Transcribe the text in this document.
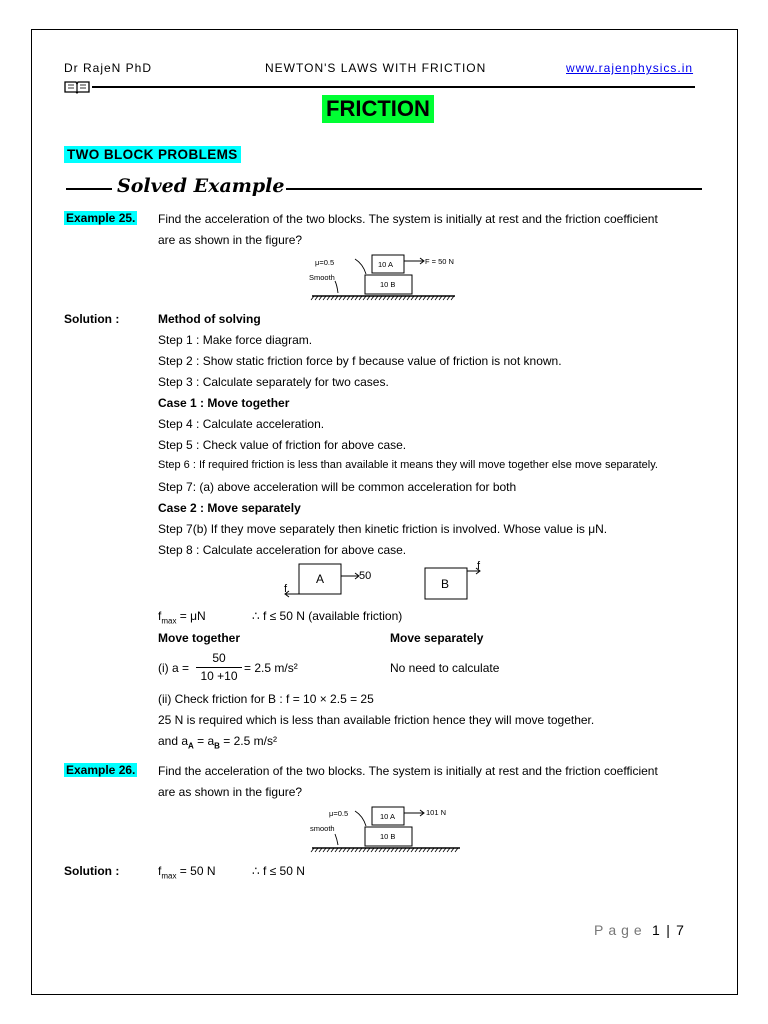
Dr RajeN PhD	NEWTON'S LAWS WITH FRICTION	www.rajenphysics.in
FRICTION
TWO BLOCK PROBLEMS
Solved Example
Example 25. Find the acceleration of the two blocks. The system is initially at rest and the friction coefficient
are as shown in the figure?
μ=0.5	10 A	F = 50 N
Smooth
10 B
Solution :	Method of solving
Step 1 : Make force diagram.
Step 2 : Show static friction force by f because value of friction is not known.
Step 3 : Calculate separately for two cases.
Case 1 : Move together
Step 4 : Calculate acceleration.
Step 5 : Check value of friction for above case.
Step 6 : If required friction is less than available it means they will move together else move separately.
Step 7: (a) above acceleration will be common acceleration for both
Case 2 : Move separately
Step 7(b) If they move separately then kinetic friction is involved. Whose value is μN.
Step 8 : Calculate acceleration for above case.
A	50
f	B
f
$f_{max} = \mu N$	∴ f ≤ 50 N (available friction)
Move together	Move separately
(i) a =
50
10 +10
= 2.5 m/s²	No need to calculate
(ii) Check friction for B : f = 10 × 2.5 = 25
25 N is required which is less than available friction hence they will move together.
and $a_A = a_B = 2.5$ m/s²
Example 26. Find the acceleration of the two blocks. The system is initially at rest and the friction coefficient
are as shown in the figure?
μ=0.5	10 A	101 N
smooth
10 B
Solution :	$f_{max} = 50$ N	∴ f ≤ 50 N
Page 1 | 7
